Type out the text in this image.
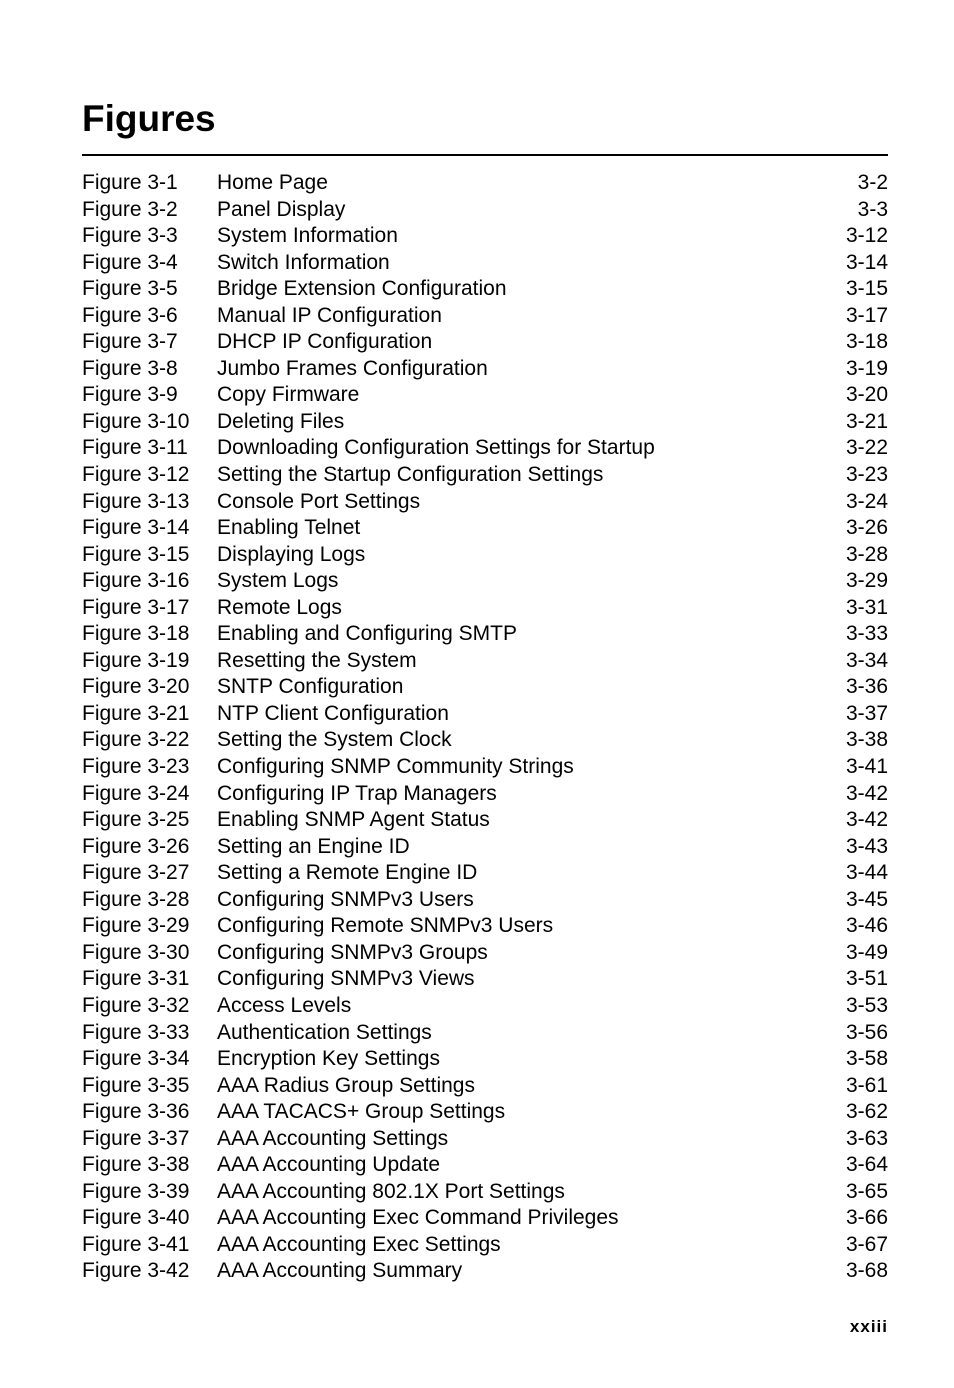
Figures
Figure 3-1 Home Page	3-2
Figure 3-2 Panel Display	3-3
Figure 3-3 System Information	3-12
Figure 3-4 Switch Information	3-14
Figure 3-5 Bridge Extension Configuration	3-15
Figure 3-6 Manual IP Configuration	3-17
Figure 3-7 DHCP IP Configuration	3-18
Figure 3-8 Jumbo Frames Configuration	3-19
Figure 3-9 Copy Firmware	3-20
Figure 3-10 Deleting Files	3-21
Figure 3-11 Downloading Configuration Settings for Startup	3-22
Figure 3-12 Setting the Startup Configuration Settings	3-23
Figure 3-13 Console Port Settings	3-24
Figure 3-14 Enabling Telnet	3-26
Figure 3-15 Displaying Logs	3-28
Figure 3-16 System Logs	3-29
Figure 3-17 Remote Logs	3-31
Figure 3-18 Enabling and Configuring SMTP	3-33
Figure 3-19 Resetting the System	3-34
Figure 3-20 SNTP Configuration	3-36
Figure 3-21 NTP Client Configuration	3-37
Figure 3-22 Setting the System Clock	3-38
Figure 3-23 Configuring SNMP Community Strings	3-41
Figure 3-24 Configuring IP Trap Managers	3-42
Figure 3-25 Enabling SNMP Agent Status	3-42
Figure 3-26 Setting an Engine ID	3-43
Figure 3-27 Setting a Remote Engine ID	3-44
Figure 3-28 Configuring SNMPv3 Users	3-45
Figure 3-29 Configuring Remote SNMPv3 Users	3-46
Figure 3-30 Configuring SNMPv3 Groups	3-49
Figure 3-31 Configuring SNMPv3 Views	3-51
Figure 3-32 Access Levels	3-53
Figure 3-33 Authentication Settings	3-56
Figure 3-34 Encryption Key Settings	3-58
Figure 3-35 AAA Radius Group Settings	3-61
Figure 3-36 AAA TACACS+ Group Settings	3-62
Figure 3-37 AAA Accounting Settings	3-63
Figure 3-38 AAA Accounting Update	3-64
Figure 3-39 AAA Accounting 802.1X Port Settings	3-65
Figure 3-40 AAA Accounting Exec Command Privileges	3-66
Figure 3-41 AAA Accounting Exec Settings	3-67
Figure 3-42 AAA Accounting Summary	3-68
xxiii
